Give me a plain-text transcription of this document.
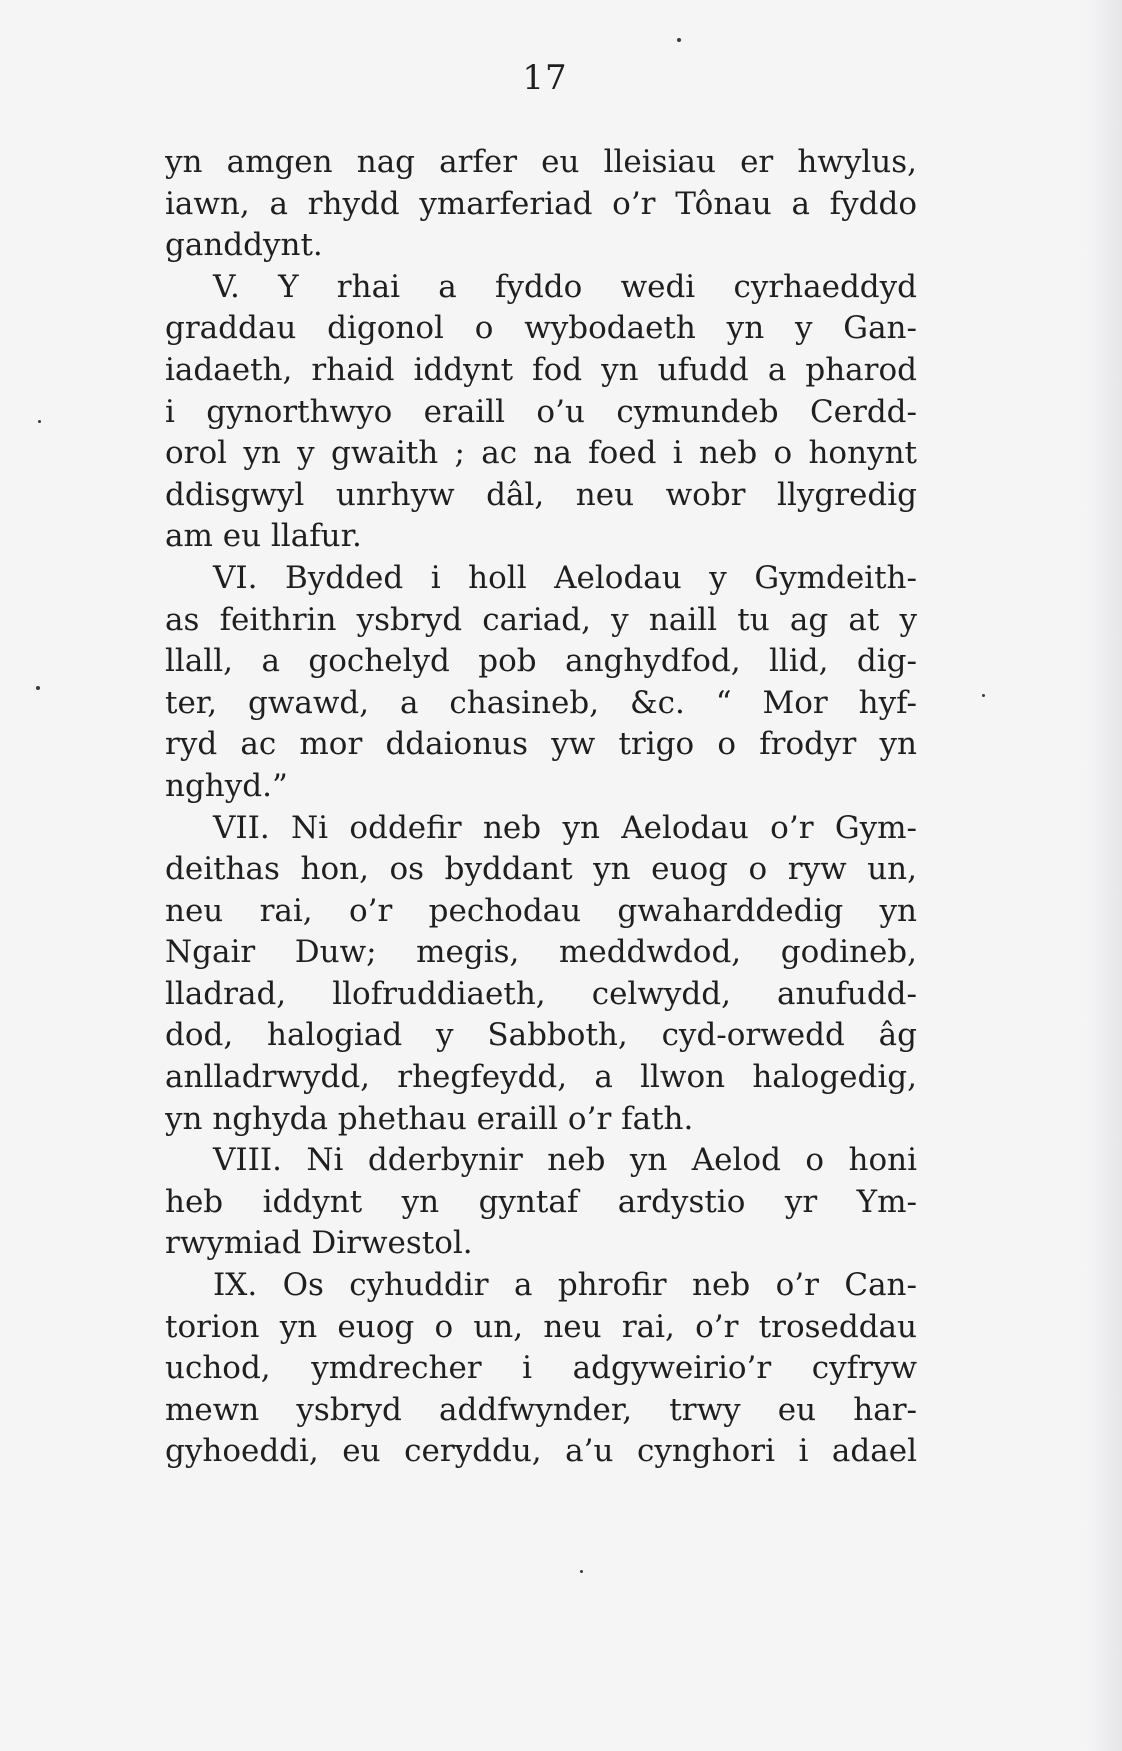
17
yn amgen nag arfer eu lleisiau er hwylus,
iawn, a rhydd ymarferiad o’r Tônau a fyddo
ganddynt.
V. Y rhai a fyddo wedi cyrhaeddyd
graddau digonol o wybodaeth yn y Gan-
iadaeth, rhaid iddynt fod yn ufudd a pharod
i gynorthwyo eraill o’u cymundeb Cerdd-
orol yn y gwaith ; ac na foed i neb o honynt
ddisgwyl unrhyw dâl, neu wobr llygredig
am eu llafur.
VI. Bydded i holl Aelodau y Gymdeith-
as feithrin ysbryd cariad, y naill tu ag at y
llall, a gochelyd pob anghydfod, llid, dig-
ter, gwawd, a chasineb, &c. “ Mor hyf-
ryd ac mor ddaionus yw trigo o frodyr yn
nghyd.”
VII. Ni oddefir neb yn Aelodau o’r Gym-
deithas hon, os byddant yn euog o ryw un,
neu rai, o’r pechodau gwaharddedig yn
Ngair Duw; megis, meddwdod, godineb,
lladrad, llofruddiaeth, celwydd, anufudd-
dod, halogiad y Sabboth, cyd-orwedd âg
anlladrwydd, rhegfeydd, a llwon halogedig,
yn nghyda phethau eraill o’r fath.
VIII. Ni dderbynir neb yn Aelod o honi
heb iddynt yn gyntaf ardystio yr Ym-
rwymiad Dirwestol.
IX. Os cyhuddir a phrofir neb o’r Can-
torion yn euog o un, neu rai, o’r troseddau
uchod, ymdrecher i adgyweirio’r cyfryw
mewn ysbryd addfwynder, trwy eu har-
gyhoeddi, eu ceryddu, a’u cynghori i adael
